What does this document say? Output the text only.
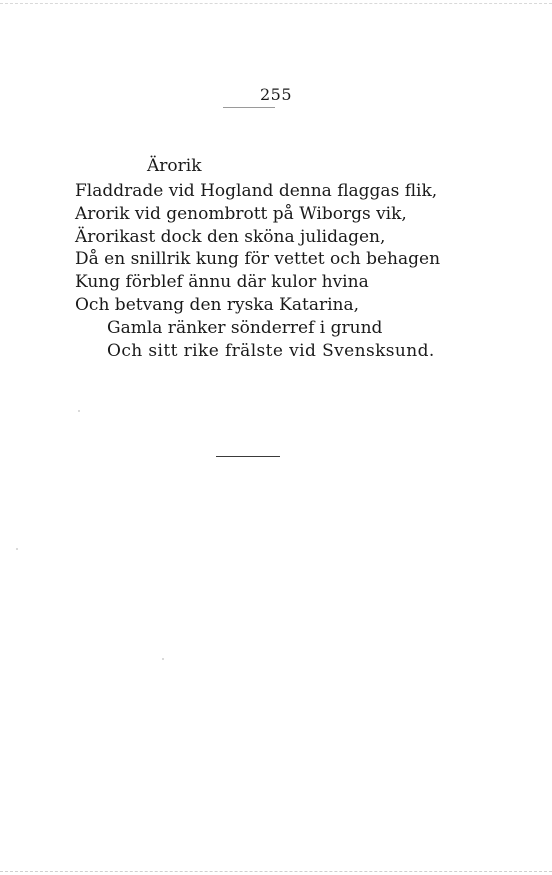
255
Ärorik
Fladdrade vid Hogland denna flaggas flik,
Arorik vid genombrott på Wiborgs vik,
Ärorikast dock den sköna julidagen,
Då en snillrik kung för vettet och behagen
Kung förblef ännu där kulor hvina
Och betvang den ryska Katarina,
Gamla ränker sönderref i grund
Och sitt rike frälste vid Svensksund.
